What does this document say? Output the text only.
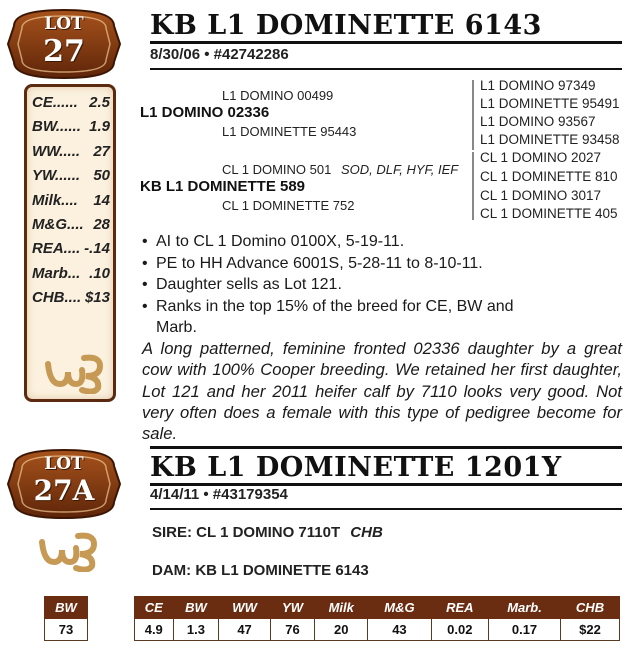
LOT
27
CE...... 2.5
BW...... 1.9
WW..... 27
YW...... 50
Milk.... 14
M&G.... 28
REA.... -.14
Marb... .10
CHB.... $13
KB L1 DOMINETTE 6143
8/30/06 • #42742286
L1 DOMINO 00499
L1 DOMINO 02336
L1 DOMINETTE 95443
CL 1 DOMINO 501 SOD, DLF, HYF, IEF
KB L1 DOMINETTE 589
CL 1 DOMINETTE 752
L1 DOMINO 97349
L1 DOMINETTE 95491
L1 DOMINO 93567
L1 DOMINETTE 93458
CL 1 DOMINO 2027
CL 1 DOMINETTE 810
CL 1 DOMINO 3017
CL 1 DOMINETTE 405
• AI to CL 1 Domino 0100X, 5-19-11.
• PE to HH Advance 6001S, 5-28-11 to 8-10-11.
• Daughter sells as Lot 121.
• Ranks in the top 15% of the breed for CE, BW and
Marb.
A long patterned, feminine fronted 02336 daughter by a great cow with 100% Cooper breeding. We retained her first daughter, Lot 121 and her 2011 heifer calf by 7110 looks very good. Not very often does a female with this type of pedigree become for sale.
LOT
27A
KB L1 DOMINETTE 1201Y
4/14/11 • #43179354
SIRE: CL 1 DOMINO 7110T CHB
DAM: KB L1 DOMINETTE 6143
BW
73
CE	BW	WW	YW	Milk	M&G	REA	Marb.	CHB
4.9	1.3	47	76	20	43	0.02	0.17	$22
